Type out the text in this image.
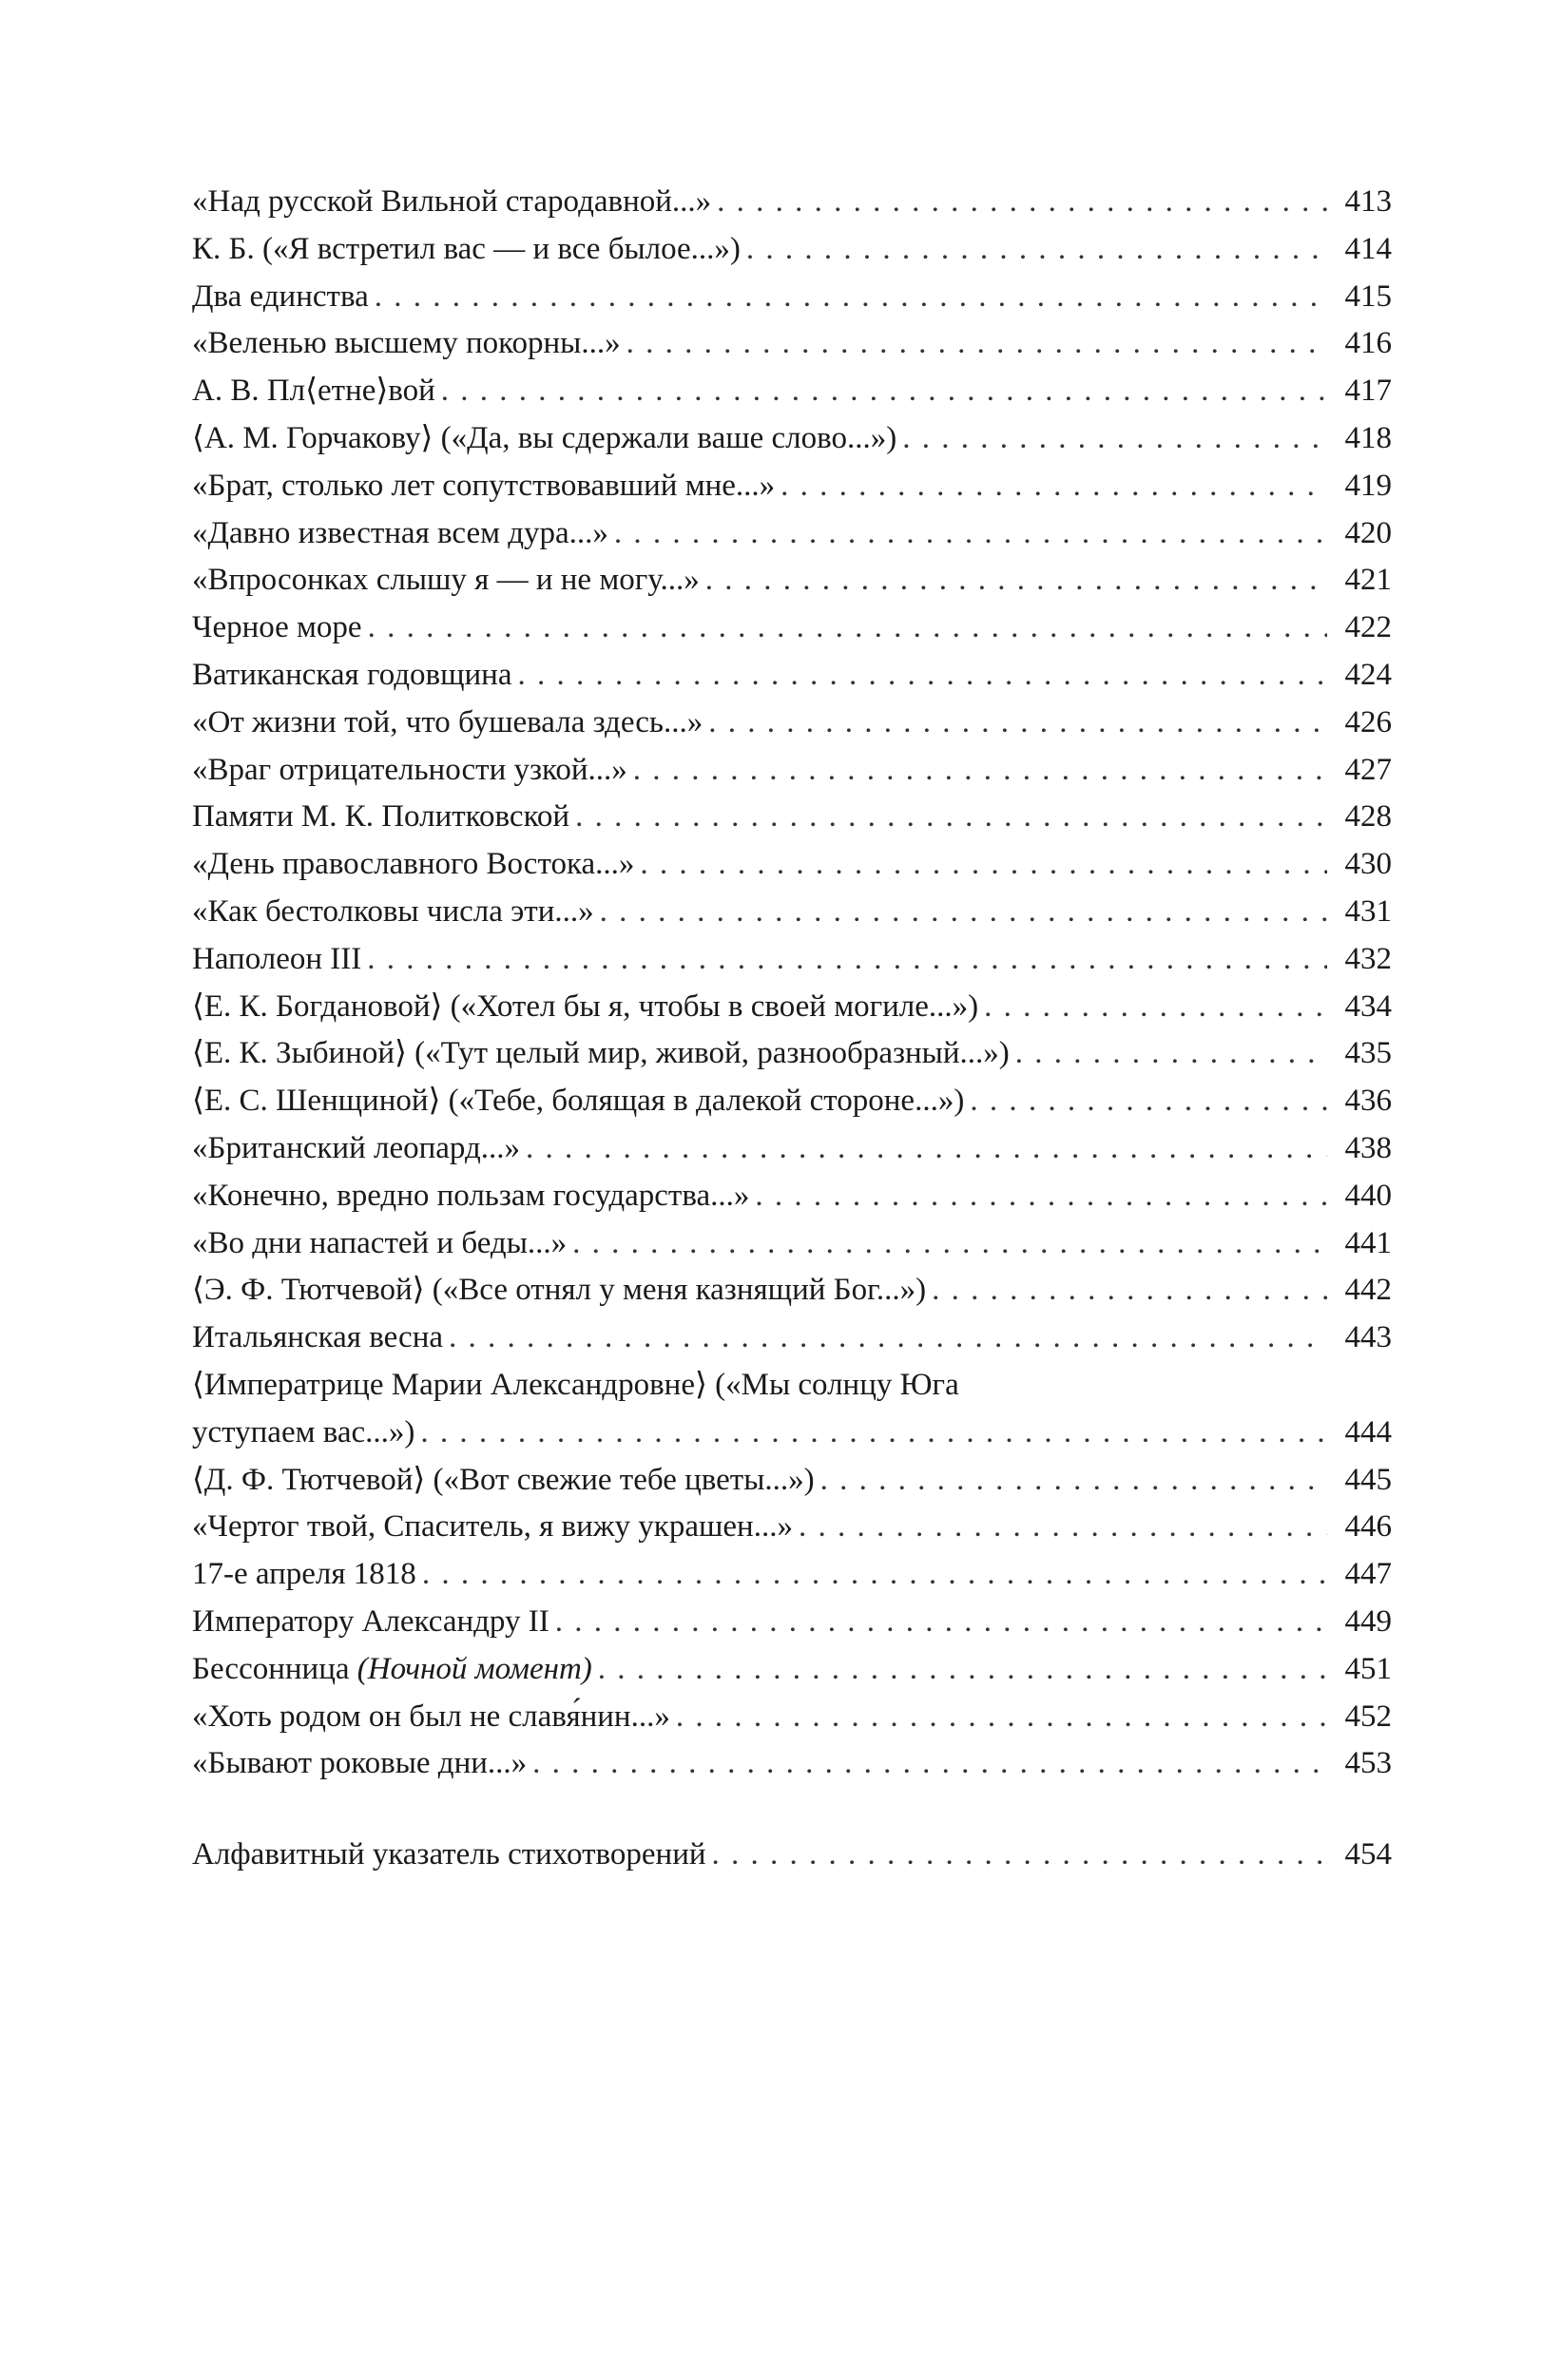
«Над русской Вильной стародавной...» . . .	413
К. Б. («Я встретил вас — и все былое...») . . .	414
Два единства . . .	415
«Веленью высшему покорны...» . . .	416
А. В. Пл⟨етне⟩вой . . .	417
⟨А. М. Горчакову⟩ («Да, вы сдержали ваше слово...») . . .	418
«Брат, столько лет сопутствовавший мне...» . . .	419
«Давно известная всем дура...» . . .	420
«Впросонках слышу я — и не могу...» . . .	421
Черное море . . .	422
Ватиканская годовщина . . .	424
«От жизни той, что бушевала здесь...» . . .	426
«Враг отрицательности узкой...» . . .	427
Памяти М. К. Политковской . . .	428
«День православного Востока...» . . .	430
«Как бестолковы числа эти...» . . .	431
Наполеон III . . .	432
⟨Е. К. Богдановой⟩ («Хотел бы я, чтобы в своей могиле...») . . .	434
⟨Е. К. Зыбиной⟩ («Тут целый мир, живой, разнообразный...») . . .	435
⟨Е. С. Шенщиной⟩ («Тебе, болящая в далекой стороне...») . . .	436
«Британский леопард...» . . .	438
«Конечно, вредно пользам государства...» . . .	440
«Во дни напастей и беды...» . . .	441
⟨Э. Ф. Тютчевой⟩ («Все отнял у меня казнящий Бог...») . . .	442
Итальянская весна . . .	443
⟨Императрице Марии Александровне⟩ («Мы солнцу Юга
уступаем вас...») . . .	444
⟨Д. Ф. Тютчевой⟩ («Вот свежие тебе цветы...») . . .	445
«Чертог твой, Спаситель, я вижу украшен...» . . .	446
17-е апреля 1818 . . .	447
Императору Александру II . . .	449
Бессонница (Ночной момент) . . .	451
«Хоть родом он был не славя́нин...» . . .	452
«Бывают роковые дни...» . . .	453
Алфавитный указатель стихотворений . . .	454
